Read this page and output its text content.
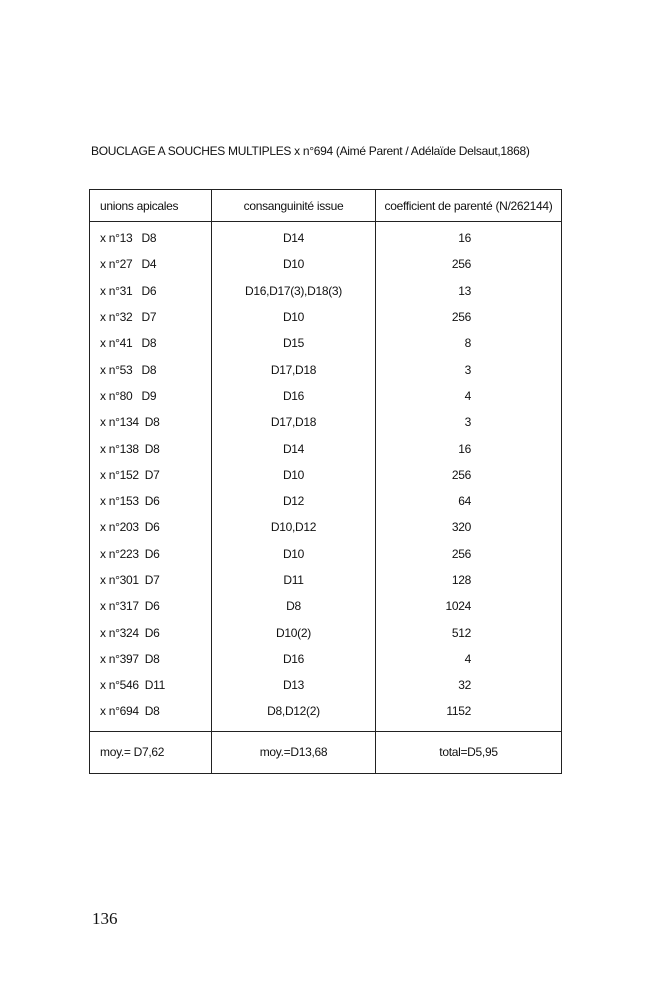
BOUCLAGE A SOUCHES MULTIPLES x n°694 (Aimé Parent / Adélaïde Delsaut,1868)
unions apicales	consanguinité issue	coefficient de parenté (N/262144)
x n°13   D8	D14	16
x n°27   D4	D10	256
x n°31   D6	D16,D17(3),D18(3)	13
x n°32   D7	D10	256
x n°41   D8	D15	8
x n°53   D8	D17,D18	3
x n°80   D9	D16	4
x n°134  D8	D17,D18	3
x n°138  D8	D14	16
x n°152  D7	D10	256
x n°153  D6	D12	64
x n°203  D6	D10,D12	320
x n°223  D6	D10	256
x n°301  D7	D11	128
x n°317  D6	D8	1024
x n°324  D6	D10(2)	512
x n°397  D8	D16	4
x n°546  D11	D13	32
x n°694  D8	D8,D12(2)	1152
moy.= D7,62	moy.=D13,68	total=D5,95
136
